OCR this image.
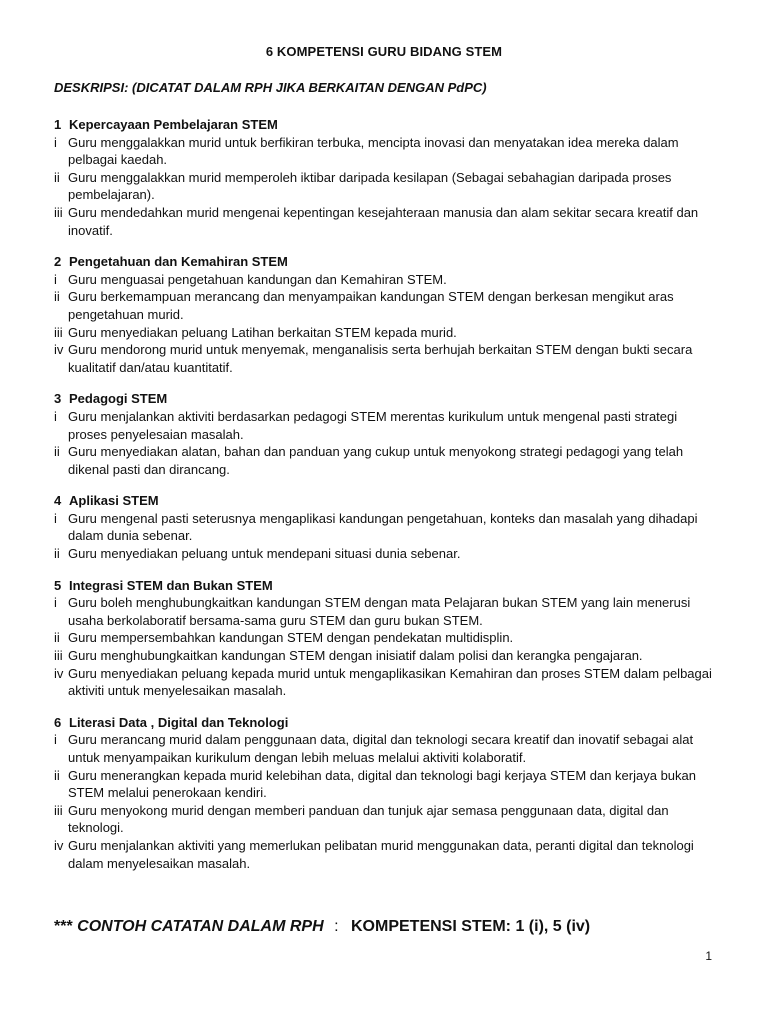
6 KOMPETENSI GURU BIDANG STEM
DESKRIPSI: (DICATAT DALAM RPH JIKA BERKAITAN DENGAN PdPC)
1 Kepercayaan Pembelajaran STEM
i Guru menggalakkan murid untuk berfikiran terbuka, mencipta inovasi dan menyatakan idea mereka dalam pelbagai kaedah.
ii Guru menggalakkan murid memperoleh iktibar daripada kesilapan (Sebagai sebahagian daripada proses pembelajaran).
iii Guru mendedahkan murid mengenai kepentingan kesejahteraan manusia dan alam sekitar secara kreatif dan inovatif.
2 Pengetahuan dan Kemahiran STEM
i Guru menguasai pengetahuan kandungan dan Kemahiran STEM.
ii Guru berkemampuan merancang dan menyampaikan kandungan STEM dengan berkesan mengikut aras pengetahuan murid.
iii Guru menyediakan peluang Latihan berkaitan STEM kepada murid.
iv Guru mendorong murid untuk menyemak, menganalisis serta berhujah berkaitan STEM dengan bukti secara kualitatif dan/atau kuantitatif.
3 Pedagogi STEM
i Guru menjalankan aktiviti berdasarkan pedagogi STEM merentas kurikulum untuk mengenal pasti strategi proses penyelesaian masalah.
ii Guru menyediakan alatan, bahan dan panduan yang cukup untuk menyokong strategi pedagogi yang telah dikenal pasti dan dirancang.
4 Aplikasi STEM
i Guru mengenal pasti seterusnya mengaplikasi kandungan pengetahuan, konteks dan masalah yang dihadapi dalam dunia sebenar.
ii Guru menyediakan peluang untuk mendepani situasi dunia sebenar.
5 Integrasi STEM dan Bukan STEM
i Guru boleh menghubungkaitkan kandungan STEM dengan mata Pelajaran bukan STEM yang lain menerusi usaha berkolaboratif bersama-sama guru STEM dan guru bukan STEM.
ii Guru mempersembahkan kandungan STEM dengan pendekatan multidisplin.
iii Guru menghubungkaitkan kandungan STEM dengan inisiatif dalam polisi dan kerangka pengajaran.
iv Guru menyediakan peluang kepada murid untuk mengaplikasikan Kemahiran dan proses STEM dalam pelbagai aktiviti untuk menyelesaikan masalah.
6 Literasi Data , Digital dan Teknologi
i Guru merancang murid dalam penggunaan data, digital dan teknologi secara kreatif dan inovatif sebagai alat untuk menyampaikan kurikulum dengan lebih meluas melalui aktiviti kolaboratif.
ii Guru menerangkan kepada murid kelebihan data, digital dan teknologi bagi kerjaya STEM dan kerjaya bukan STEM melalui penerokaan kendiri.
iii Guru menyokong murid dengan memberi panduan dan tunjuk ajar semasa penggunaan data, digital dan teknologi.
iv Guru menjalankan aktiviti yang memerlukan pelibatan murid menggunakan data, peranti digital dan teknologi dalam menyelesaikan masalah.
*** CONTOH CATATAN DALAM RPH : KOMPETENSI STEM: 1 (i), 5 (iv)
1
